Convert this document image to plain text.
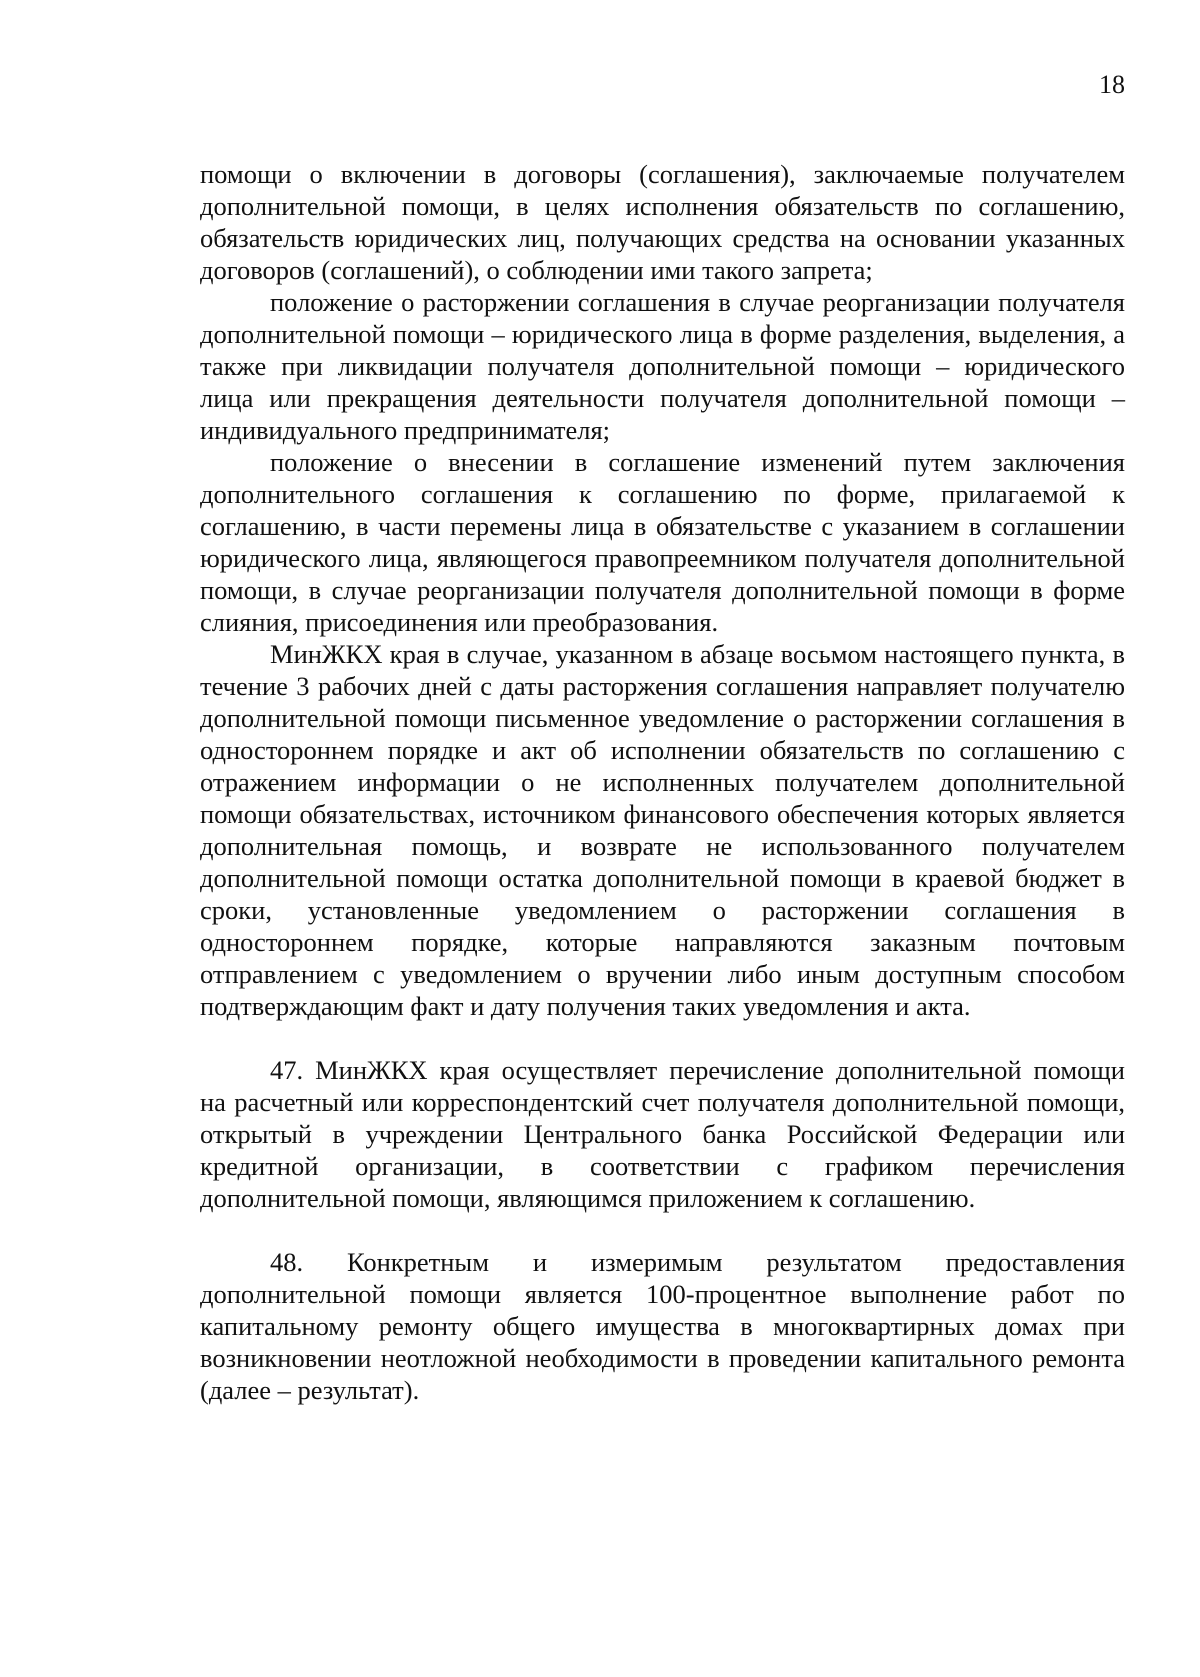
18

помощи о включении в договоры (соглашения), заключаемые получателем дополнительной помощи, в целях исполнения обязательств по соглашению, обязательств юридических лиц, получающих средства на основании указанных договоров (соглашений), о соблюдении ими такого запрета;

положение о расторжении соглашения в случае реорганизации получателя дополнительной помощи – юридического лица в форме разделения, выделения, а также при ликвидации получателя дополнительной помощи – юридического лица или прекращения деятельности получателя дополнительной помощи – индивидуального предпринимателя;

положение о внесении в соглашение изменений путем заключения дополнительного соглашения к соглашению по форме, прилагаемой к соглашению, в части перемены лица в обязательстве с указанием в соглашении юридического лица, являющегося правопреемником получателя дополнительной помощи, в случае реорганизации получателя дополнительной помощи в форме слияния, присоединения или преобразования.

МинЖКХ края в случае, указанном в абзаце восьмом настоящего пункта, в течение 3 рабочих дней с даты расторжения соглашения направляет получателю дополнительной помощи письменное уведомление о расторжении соглашения в одностороннем порядке и акт об исполнении обязательств по соглашению с отражением информации о не исполненных получателем дополнительной помощи обязательствах, источником финансового обеспечения которых является дополнительная помощь, и возврате не использованного получателем дополнительной помощи остатка дополнительной помощи в краевой бюджет в сроки, установленные уведомлением о расторжении соглашения в одностороннем порядке, которые направляются заказным почтовым отправлением с уведомлением о вручении либо иным доступным способом подтверждающим факт и дату получения таких уведомления и акта.

47. МинЖКХ края осуществляет перечисление дополнительной помощи на расчетный или корреспондентский счет получателя дополнительной помощи, открытый в учреждении Центрального банка Российской Федерации или кредитной организации, в соответствии с графиком перечисления дополнительной помощи, являющимся приложением к соглашению.

48. Конкретным и измеримым результатом предоставления дополнительной помощи является 100-процентное выполнение работ по капитальному ремонту общего имущества в многоквартирных домах при возникновении неотложной необходимости в проведении капитального ремонта (далее – результат).
